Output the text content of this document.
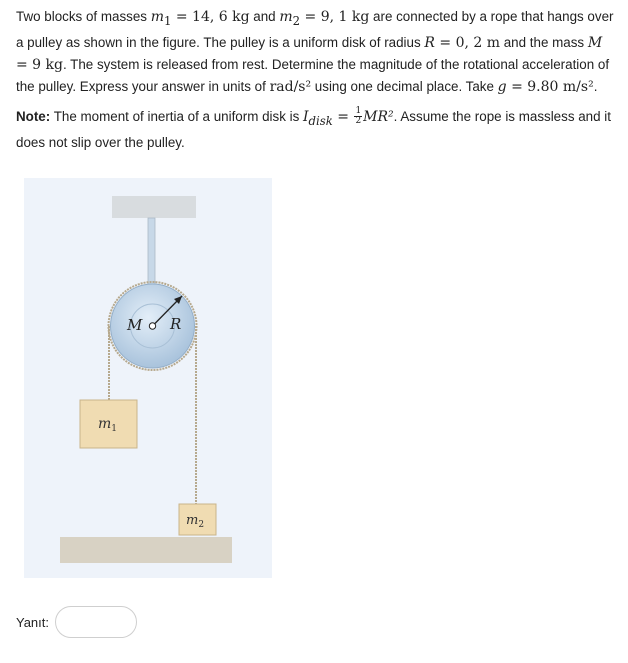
Two blocks of masses $m_1 = 14$, 6 kg and $m_2 = 9$, 1 kg are connected by a rope that hangs over a pulley as shown in the figure. The pulley is a uniform disk of radius R = 0, 2 m and the mass M = 9 kg. The system is released from rest. Determine the magnitude of the rotational acceleration of the pulley. Express your answer in units of rad/s² using one decimal place. Take g = 9.80 m/s².

Note: The moment of inertia of a uniform disk is $I_{disk} = \frac{1}{2} MR^2$. Assume the rope is massless and it does not slip over the pulley.

M R
$m_1$
$m_2$
Yanıt:
